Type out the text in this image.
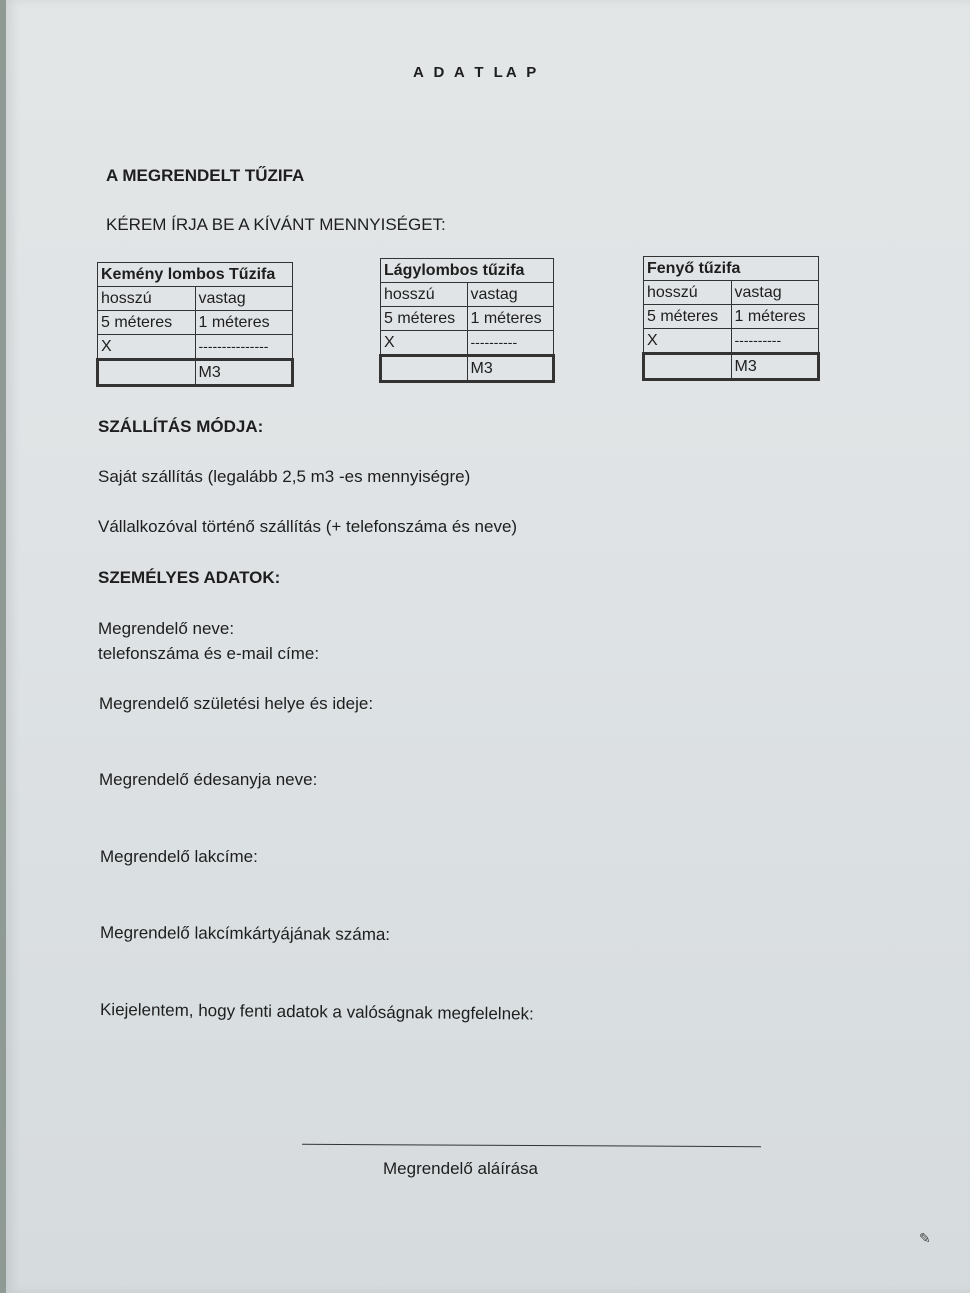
A D A T LA P
A MEGRENDELT TŰZIFA
KÉREM ÍRJA BE A KÍVÁNT MENNYISÉGET:
Kemény lombos Tűzifa	
hosszú	vastag
5 méteres	1 méteres
X	---------------
	M3
Lágylombos tűzifa	
hosszú	vastag
5 méteres	1 méteres
X	----------
	M3
Fenyő tűzifa	
hosszú	vastag
5 méteres	1 méteres
X	----------
	M3
SZÁLLÍTÁS MÓDJA:
Saját szállítás (legalább 2,5 m3 -es mennyiségre)
Vállalkozóval történő szállítás (+ telefonszáma és neve)
SZEMÉLYES ADATOK:
Megrendelő neve:
telefonszáma és e-mail címe:
Megrendelő születési helye és ideje:
Megrendelő édesanyja neve:
Megrendelő lakcíme:
Megrendelő lakcímkártyájának száma:
Kiejelentem, hogy fenti adatok a valóságnak megfelelnek:
Megrendelő aláírása
✎
